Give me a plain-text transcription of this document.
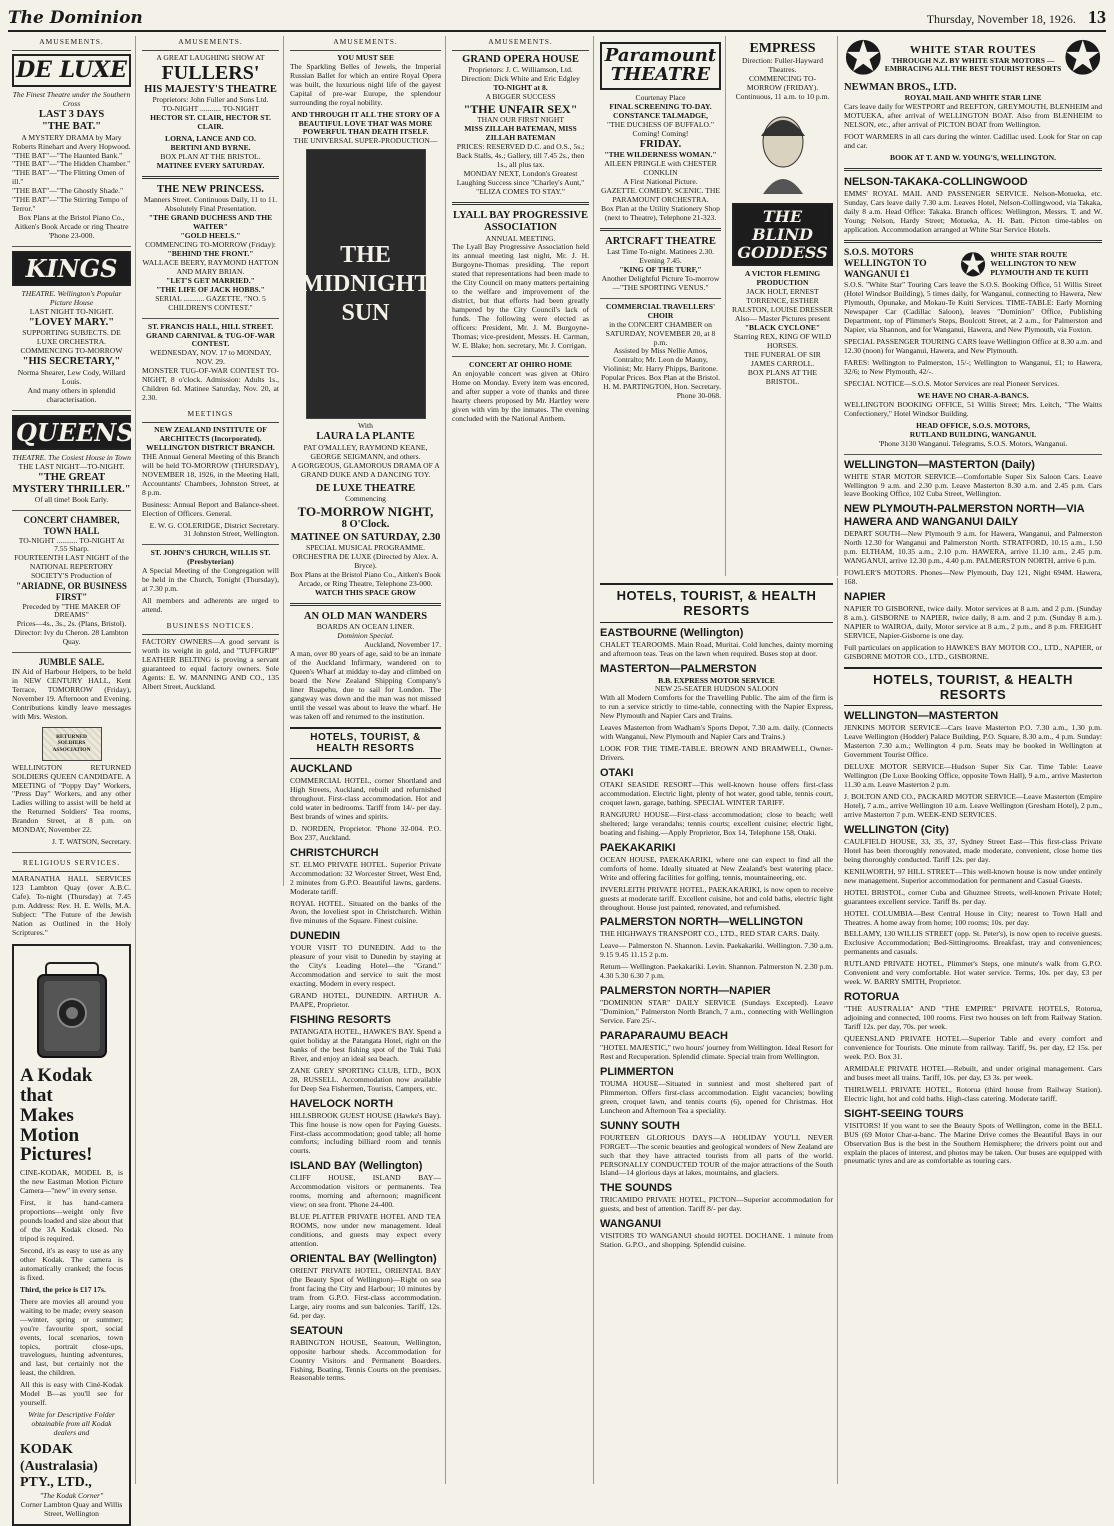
The Dominion	Thursday, November 18, 1926. 13
AMUSEMENTS.
DE LUXE
The Finest Theatre under the Southern Cross
LAST 3 DAYS
"THE BAT."
A MYSTERY DRAMA by Mary Roberts Rinehart and Avery Hopwood.
"THE BAT"—"The Haunted Bank."
"THE BAT"—"The Hidden Chamber."
"THE BAT"—"The Flitting Omen of ill."
"THE BAT"—"The Ghostly Shade."
"THE BAT"—"The Stirring Tempo of Terror."
Box Plans at the Bristol Piano Co., Aitken's Book Arcade or ring Theatre 'Phone 23-000.
KINGS
THEATRE. Wellington's Popular Picture House
LAST NIGHT TO-NIGHT.
"LOVEY MARY."
SUPPORTING SUBJECTS. DE LUXE ORCHESTRA.
COMMENCING TO-MORROW
"HIS SECRETARY,"
Norma Shearer, Lew Cody, Willard Louis.
And many others in splendid characterisation.
QUEENS
THEATRE. The Cosiest House in Town
THE LAST NIGHT—TO-NIGHT.
"THE GREAT MYSTERY THRILLER."
Of all time! Book Early.
CONCERT CHAMBER, TOWN HALL
TO-NIGHT ........... TO-NIGHT At 7.55 Sharp.
FOURTEENTH LAST NIGHT of the NATIONAL REPERTORY SOCIETY'S Production of
"ARIADNE, OR BUSINESS FIRST"
Preceded by "THE MAKER OF DREAMS"
Prices—4s., 3s., 2s. (Plans, Bristol). Director: Ivy du Cheron. 28 Lambton Quay.
JUMBLE SALE.

IN Aid of Harbour Helpers, to be held in NEW CENTURY HALL, Kent Terrace, TOMORROW (Friday), November 19. Afternoon and Evening. Contributions kindly leave messages with Mrs. Weston.

RETURNED SOLDIERS ASSOCIATION

WELLINGTON RETURNED SOLDIERS QUEEN CANDIDATE. A MEETING of "Poppy Day" Workers, "Press Day" Workers, and any other Ladies willing to assist will be held at the Returned Soldiers' Tea rooms, Brandon Street, at 8 p.m. on MONDAY, November 22.

J. T. WATSON, Secretary.
RELIGIOUS SERVICES.

MARANATHA HALL SERVICES 123 Lambton Quay (over A.B.C. Cafe). To-night (Thursday) at 7.45 p.m. Address: Rev. H. E. Wells, M.A. Subject: "The Future of the Jewish Nation as Outlined in the Holy Scriptures."

A Kodak that
Makes Motion Pictures!

CINE-KODAK, MODEL B, is the new Eastman Motion Picture Camera—"new" in every sense.

First, it has hand-camera proportions—weight only five pounds loaded and size about that of the 3A Kodak closed. No tripod is required.

Second, it's as easy to use as any other Kodak. The camera is automatically cranked; the focus is fixed.

Third, the price is £17 17s.

There are movies all around you waiting to be made; every season—winter, spring or summer; you're favourite sport, social events, local scenarios, town topics, portrait close-ups, travelogues, hunting adventures, and last, but certainly not the least, the children.

All this is easy with Ciné-Kodak Model B—as you'll see for yourself.

Write for Descriptive Folder obtainable from all Kodak dealers and
KODAK (Australasia) PTY., LTD.,
"The Kodak Corner"
Corner Lambton Quay and Willis Street, Wellington
AMUSEMENTS.
A GREAT LAUGHING SHOW AT
FULLERS'
HIS MAJESTY'S THEATRE
Proprietors: John Fuller and Sons Ltd.
TO-NIGHT ........... TO-NIGHT
HECTOR ST. CLAIR, HECTOR ST. CLAIR.
LORNA, LANCE AND CO.
BERTINI AND BYRNE.
BOX PLAN AT THE BRISTOL.
MATINEE EVERY SATURDAY.
THE NEW PRINCESS.
Manners Street. Continuous Daily, 11 to 11. Absolutely Final Presentation.
"THE GRAND DUCHESS AND THE WAITER"
"GOLD HEELS."
COMMENCING TO-MORROW (Friday):
"BEHIND THE FRONT."
WALLACE BEERY, RAYMOND HATTON AND MARY BRIAN.
"LET'S GET MARRIED."
"THE LIFE OF JACK HOBBS."
SERIAL ........... GAZETTE. "NO. 5 CHILDREN'S CONTEST."
ST. FRANCIS HALL, HILL STREET.
GRAND CARNIVAL & TUG-OF-WAR CONTEST.
WEDNESDAY, NOV. 17 to MONDAY, NOV. 29.

MONSTER TUG-OF-WAR CONTEST TO-NIGHT, 8 o'clock. Admission: Adults 1s., Children 6d. Matinee Saturday, Nov. 20, at 2.30.

MEETINGS
NEW ZEALAND INSTITUTE OF ARCHITECTS (Incorporated).
WELLINGTON DISTRICT BRANCH.

THE Annual General Meeting of this Branch will be held TO-MORROW (THURSDAY), NOVEMBER 18, 1926, in the Meeting Hall, Accountants' Chambers, Johnston Street, at 8 p.m.

Business: Annual Report and Balance-sheet. Election of Officers. General.

E. W. G. COLERIDGE, District Secretary. 31 Johnston Street, Wellington.
ST. JOHN'S CHURCH, WILLIS ST. (Presbyterian)

A Special Meeting of the Congregation will be held in the Church, Tonight (Thursday), at 7.30 p.m.

All members and adherents are urged to attend.

BUSINESS NOTICES.

FACTORY OWNERS—A good servant is worth its weight in gold, and "TUFFGRIP" LEATHER BELTING is proving a servant guaranteed to equal factory owners. Sole Agents: E. W. MANNING AND CO., 135 Albert Street, Auckland.

AMUSEMENTS.
YOU MUST SEE

The Sparkling Belles of Jewels, the Imperial Russian Ballet for which an entire Royal Opera was built, the luxurious night life of the gayest Capital of pre-war Europe, the splendour surrounding the royal nobility.

AND THROUGH IT ALL THE STORY OF A BEAUTIFUL LOVE THAT WAS MORE POWERFUL THAN DEATH ITSELF.
THE UNIVERSAL SUPER-PRODUCTION—
THE MIDNIGHT SUN
With
LAURA LA PLANTE
PAT O'MALLEY, RAYMOND KEANE, GEORGE SEIGMANN, and others.
A GORGEOUS, GLAMOROUS DRAMA OF A GRAND DUKE AND A DANCING TOY.
DE LUXE THEATRE
Commencing
TO-MORROW NIGHT,
8 O'Clock.
MATINEE ON SATURDAY, 2.30
SPECIAL MUSICAL PROGRAMME. ORCHESTRA DE LUXE (Directed by Alex. A. Bryce).
Box Plans at the Bristol Piano Co., Aitken's Book Arcade, or Ring Theatre, Telephone 23-000.
WATCH THIS SPACE GROW
AN OLD MAN WANDERS
BOARDS AN OCEAN LINER.
Dominion Special.
Auckland, November 17.

A man, over 80 years of age, said to be an inmate of the Auckland Infirmary, wandered on to Queen's Wharf at midday to-day and climbed on board the New Zealand Shipping Company's liner Ruapehu, due to sail for London. The gangway was down and the man was not missed until the vessel was about to leave the wharf. He was taken off and returned to the institution.

HOTELS, TOURIST, & HEALTH RESORTS
AUCKLAND

COMMERCIAL HOTEL, corner Shortland and High Streets, Auckland, rebuilt and refurnished throughout. First-class accommodation. Hot and cold water in bedrooms. Tariff from 14/- per day. Best brands of wines and spirits.

D. NORDEN, Proprietor. 'Phone 32-004. P.O. Box 237, Auckland.

CHRISTCHURCH

ST. ELMO PRIVATE HOTEL. Superior Private Accommodation: 32 Worcester Street, West End, 2 minutes from G.P.O. Beautiful lawns, gardens. Moderate tariff.

ROYAL HOTEL. Situated on the banks of the Avon, the loveliest spot in Christchurch. Within five minutes of the Square. Finest cuisine.

DUNEDIN

YOUR VISIT TO DUNEDIN. Add to the pleasure of your visit to Dunedin by staying at the City's Leading Hotel—the "Grand." Accommodation and service to suit the most exacting. Modern in every respect.

GRAND HOTEL, DUNEDIN. ARTHUR A. PAAPE, Proprietor.

FISHING RESORTS

PATANGATA HOTEL, HAWKE'S BAY. Spend a quiet holiday at the Patangata Hotel, right on the banks of the best fishing spot of the Tuki Tuki River, and enjoy an ideal sea beach.

ZANE GREY SPORTING CLUB, LTD., BOX 28, RUSSELL. Accommodation now available for Deep Sea Fishermen, Tourists, Campers, etc.

HAVELOCK NORTH

HILLSBROOK GUEST HOUSE (Hawke's Bay). This fine house is now open for Paying Guests. First-class accommodation; good table; all home comforts; including billiard room and tennis courts.

ISLAND BAY (Wellington)

CLIFF HOUSE, ISLAND BAY—Accommodation visitors or permanents. Tea rooms, morning and afternoon; magnificent view; on sea front. 'Phone 24-400.

BLUE PLATTER PRIVATE HOTEL AND TEA ROOMS, now under new management. Ideal conditions, and guests may expect every attention.

ORIENTAL BAY (Wellington)

ORIENT PRIVATE HOTEL, ORIENTAL BAY (the Beauty Spot of Wellington)—Right on sea front facing the City and Harbour; 10 minutes by tram from G.P.O. First-class accommodation. Large, airy rooms and sun balconies. Tariff, 12s. 6d. per day.

SEATOUN

RABINGTON HOUSE, Seatoun, Wellington, opposite harbour sheds. Accommodation for Country Visitors and Permanent Boarders. Fishing, Boating, Tennis Courts on the premises. Reasonable terms.

AMUSEMENTS.
GRAND OPERA HOUSE
Proprietors: J. C. Williamson, Ltd.
Direction: Dick White and Eric Edgley
TO-NIGHT at 8.
A BIGGER SUCCESS
"THE UNFAIR SEX"
THAN OUR FIRST NIGHT
MISS ZILLAH BATEMAN, MISS ZILLAH BATEMAN
PRICES: RESERVED D.C. and O.S., 5s.; Back Stalls, 4s.; Gallery, till 7.45 2s., then 1s., all plus tax.
MONDAY NEXT, London's Greatest Laughing Success since "Charley's Aunt," "ELIZA COMES TO STAY."
LYALL BAY PROGRESSIVE ASSOCIATION
ANNUAL MEETING.

The Lyall Bay Progressive Association held its annual meeting last night, Mr. J. H. Burgoyne-Thomas presiding. The report stated that representations had been made to the City Council on many matters pertaining to the welfare and improvement of the district, but that efforts had been greatly hampered by the City Council's lack of funds. The following were elected as officers: President, Mr. J. M. Burgoyne-Thomas; vice-president, Messrs. H. Carman, W. E. Blake; hon. secretary, Mr. J. Corrigan.

CONCERT AT OHIRO HOME

An enjoyable concert was given at Ohiro Home on Monday. Every item was encored, and after supper a vote of thanks and three hearty cheers proposed by Mr. Hartley were given with vim by the inmates. The evening concluded with the National Anthem.

Paramount THEATRE
Courtenay Place
FINAL SCREENING TO-DAY.
CONSTANCE TALMADGE,
"THE DUCHESS OF BUFFALO."
Coming! Coming!
FRIDAY.
"THE WILDERNESS WOMAN."
AILEEN PRINGLE with CHESTER CONKLIN
A First National Picture.
GAZETTE. COMEDY. SCENIC. THE PARAMOUNT ORCHESTRA.
Box Plan at the Utility Stationery Shop (next to Theatre), Telephone 21-323.
ARTCRAFT THEATRE
Last Time To-night. Matinees 2.30. Evening 7.45.
"KING OF THE TURF,"
Another Delightful Picture To-morrow—"THE SPORTING VENUS."
COMMERCIAL TRAVELLERS' CHOIR
in the CONCERT CHAMBER on SATURDAY, NOVEMBER 20, at 8 p.m.
Assisted by Miss Nellie Amos, Contralto; Mr. Leon de Mauny, Violinist; Mr. Harry Phipps, Baritone.
Popular Prices. Box Plan at the Bristol.
H. M. PARTINGTON, Hon. Secretary. Phone 30-068.
EMPRESS
Direction: Fuller-Hayward Theatres.
COMMENCING TO-MORROW (FRIDAY).
Continuous, 11 a.m. to 10 p.m.
THE BLIND GODDESS
A VICTOR FLEMING PRODUCTION
JACK HOLT, ERNEST TORRENCE, ESTHER RALSTON, LOUISE DRESSER
Also— Master Pictures present
"BLACK CYCLONE"
Starring REX, KING OF WILD HORSES.
THE FUNERAL OF SIR JAMES CARROLL.
BOX PLANS AT THE BRISTOL.
HOTELS, TOURIST, & HEALTH RESORTS
EASTBOURNE (Wellington)

CHALET TEAROOMS. Main Road, Muritai. Cold lunches, dainty morning and afternoon teas. Teas on the lawn when required. Buses stop at door.

MASTERTON—PALMERSTON
B.B. EXPRESS MOTOR SERVICE
NEW 25-SEATER HUDSON SALOON

With all Modern Comforts for the Travelling Public. The aim of the firm is to run a service strictly to time-table, connecting with the Napier Express, New Plymouth and Napier Cars and Trains.

Leaves Masterton from Wadham's Sports Depot, 7.30 a.m. daily. (Connects with Wanganui, New Plymouth and Napier Cars and Trains.)

LOOK FOR THE TIME-TABLE. BROWN AND BRAMWELL, Owner-Drivers.

OTAKI

OTAKI SEASIDE RESORT—This well-known house offers first-class accommodation. Electric light, plenty of hot water, good table, tennis court, croquet lawn, garage, bathing. SPECIAL WINTER TARIFF.

RANGIURU HOUSE—First-class accommodation; close to beach; well sheltered; large verandahs; tennis courts; excellent cuisine; electric light, boating and fishing.—Apply Proprietor, Box 14, Telephone 158, Otaki.

PAEKAKARIKI

OCEAN HOUSE, PAEKAKARIKI, where one can expect to find all the comforts of home. Ideally situated at New Zealand's best watering place. Write and offering facilities for golfing, tennis, mountaineering, etc.

INVERLEITH PRIVATE HOTEL, PAEKAKARIKI, is now open to receive guests at moderate tariff. Excellent cuisine, hot and cold baths, electric light throughout. House just painted, renovated, and refurnished.

PALMERSTON NORTH—WELLINGTON

THE HIGHWAYS TRANSPORT CO., LTD., RED STAR CARS. Daily.

Leave— Palmerston N. Shannon. Levin. Paekakariki. Wellington. 7.30 a.m. 9.15 9.45 11.15 2 p.m.

Return— Wellington. Paekakariki. Levin. Shannon. Palmerston N. 2.30 p.m. 4.30 5.30 6.30 7 p.m.

PALMERSTON NORTH—NAPIER

"DOMINION STAR" DAILY SERVICE (Sundays Excepted). Leave "Dominion," Palmerston North Branch, 7 a.m., connecting with Wellington Service. Fare 25/-.

PARAPARAUMU BEACH

"HOTEL MAJESTIC," two hours' journey from Wellington. Ideal Resort for Rest and Recuperation. Splendid climate. Special train from Wellington.

PLIMMERTON

TOUMA HOUSE—Situated in sunniest and most sheltered part of Plimmerton. Offers first-class accommodation. Eight vacancies; bowling green, croquet lawn, and tennis courts (6), opened for Christmas. Hot Luncheon and Afternoon Tea a speciality.

SUNNY SOUTH

FOURTEEN GLORIOUS DAYS—A HOLIDAY YOU'LL NEVER FORGET—The scenic beauties and geological wonders of New Zealand are such that they have attracted tourists from all parts of the world. PERSONALLY CONDUCTED TOUR of the major attractions of the South Island—14 glorious days at lakes, mountains, and glaciers.

THE SOUNDS

TRICAMIDO PRIVATE HOTEL, PICTON—Superior accommodation for guests, and best of attention. Tariff 8/- per day.

WANGANUI

VISITORS TO WANGANUI should HOTEL DOCHANE. 1 minute from Station. G.P.O., and shopping. Splendid cuisine.

✪	WHITE STAR ROUTES
THROUGH N.Z. BY WHITE STAR MOTORS — EMBRACING ALL THE BEST TOURIST RESORTS ✪
NEWMAN BROS., LTD.
ROYAL MAIL AND WHITE STAR LINE

Cars leave daily for WESTPORT and REEFTON, GREYMOUTH, BLENHEIM and MOTUEKA, after arrival of WELLINGTON BOAT. Also from BLENHEIM to NELSON, etc., after arrival of PICTON BOAT from Wellington.

FOOT WARMERS in all cars during the winter. Cadillac used. Look for Star on cap and car.

BOOK AT T. AND W. YOUNG'S, WELLINGTON.
NELSON-TAKAKA-COLLINGWOOD

EMMS' ROYAL MAIL AND PASSENGER SERVICE. Nelson-Motueka, etc. Sunday, Cars leave daily 7.30 a.m. Leaves Hotel, Nelson-Collingwood, via Takaka, daily 8 a.m. Head Office: Takaka. Branch offices: Wellington, Messrs. T. and W. Young; Nelson, Hardy Street; Motueka, A. H. Batt. Picton time-tables on application. Accommodation arranged at White Star Service Hotels.

S.O.S. MOTORS WELLINGTON TO WANGANUI £1	✪ WHITE STAR ROUTE WELLINGTON TO NEW PLYMOUTH AND TE KUITI

S.O.S. "White Star" Touring Cars leave the S.O.S. Booking Office, 51 Willis Street (Hotel Windsor Building), 5 times daily, for Wanganui, connecting to Hawera, New Plymouth, Opunake, and Mokau-Te Kuiti Services. TIME-TABLE: Early Morning Newspaper Car (Cadillac Saloon), leaves "Dominion" Office, Publishing Department, top of Plimmer's Steps, Boulcott Street, at 2 a.m., for Palmerston and Napier, via Shannon, and for Wanganui, Hawera, and New Plymouth, via Foxton.

SPECIAL PASSENGER TOURING CARS leave Wellington Office at 8.30 a.m. and 12.30 (noon) for Wanganui, Hawera, and New Plymouth.

FARES: Wellington to Palmerston, 15/-; Wellington to Wanganui, £1; to Hawera, 32/6; to New Plymouth, 42/-.

SPECIAL NOTICE—S.O.S. Motor Services are real Pioneer Services.

WE HAVE NO CHAR-A-BANCS.

WELLINGTON BOOKING OFFICE, 51 Willis Street; Mrs. Leitch, "The Waitts Confectionery," Hotel Windsor Building.

HEAD OFFICE, S.O.S. MOTORS,
RUTLAND BUILDING, WANGANUI.
'Phone 3130 Wanganui. Telegrams, S.O.S. Motors, Wanganui.
WELLINGTON—MASTERTON (Daily)

WHITE STAR MOTOR SERVICE—Comfortable Super Six Saloon Cars. Leave Wellington 9 a.m. and 2.30 p.m. Leave Masterton 8.30 a.m. and 2.45 p.m. Cars leave Booking Office, 102 Cuba Street, Wellington.

NEW PLYMOUTH-PALMERSTON NORTH—VIA HAWERA AND WANGANUI DAILY

DEPART SOUTH—New Plymouth 9 a.m. for Hawera, Wanganui, and Palmerston North 12.30 for Wanganui and Palmerston North. STRATFORD, 10.15 a.m., 1.50 p.m. ELTHAM, 10.35 a.m., 2.10 p.m. HAWERA, arrive 11.10 a.m., 2.45 p.m. WANGANUI, arrive 12.30 p.m., 4.40 p.m. PALMERSTON NORTH, arrive 6 p.m.

FOWLER'S MOTORS. Phones—New Plymouth, Day 121, Night 694M. Hawera, 168.

NAPIER

NAPIER TO GISBORNE, twice daily. Motor services at 8 a.m. and 2 p.m. (Sunday 8 a.m.). GISBORNE to NAPIER, twice daily, 8 a.m. and 2 p.m. (Sunday 8 a.m.). NAPIER to WAIROA, daily, Motor service at 8 a.m., 2 p.m., and 8 p.m. FREIGHT SERVICE, Napier-Gisborne is one day.

Full particulars on application to HAWKE'S BAY MOTOR CO., LTD., NAPIER, or GISBORNE MOTOR CO., LTD., GISBORNE.

HOTELS, TOURIST, & HEALTH RESORTS
WELLINGTON—MASTERTON

JENKINS MOTOR SERVICE—Cars leave Masterton P.O. 7.30 a.m., 1.30 p.m. Leave Wellington (Hodder) Palace Building, P.O. Square, 8.30 a.m., 4 p.m. Sunday: Masterton 7.30 a.m.; Wellington 4 p.m. Seats may be booked in Wellington at Government Tourist Office.

DELUXE MOTOR SERVICE—Hudson Super Six Car. Time Table: Leave Wellington (De Luxe Booking Office, opposite Town Hall), 9 a.m., arrive Masterton 11.30 a.m. Leave Masterton 2 p.m.

J. BOLTON AND CO., PACKARD MOTOR SERVICE—Leave Masterton (Empire Hotel), 7 a.m., arrive Wellington 10 a.m. Leave Wellington (Gresham Hotel), 2 p.m., arrive Masterton 7 p.m. WEEK-END SERVICES.

WELLINGTON (City)

CAULFIELD HOUSE, 33, 35, 37, Sydney Street East—This first-class Private Hotel has been thoroughly renovated, made moderate, convenient, close home ties being thoroughly conducted. Tariff 12s. per day.

KENILWORTH, 97 HILL STREET—This well-known house is now under entirely new management. Superior accommodation for permanent and Casual Guests.

HOTEL BRISTOL, corner Cuba and Ghuznee Streets, well-known Private Hotel; guarantees excellent service. Tariff 8s. per day.

HOTEL COLUMBIA—Best Central House in City; nearest to Town Hall and Theatres. A home away from home; 100 rooms; 10s. per day.

BELLAMY, 130 WILLIS STREET (opp. St. Peter's), is now open to receive guests. Exclusive Accommodation; Bed-Sittingrooms. Breakfast, tray and conveniences; permanents and casuals.

RUTLAND PRIVATE HOTEL, Plimmer's Steps, one minute's walk from G.P.O. Convenient and very comfortable. Hot water service. Terms, 10s. per day, £3 per week. W. BARRY SMITH, Proprietor.

ROTORUA

"THE AUSTRALIA" AND "THE EMPIRE" PRIVATE HOTELS, Rotorua, adjoining and connected, 100 rooms. First two houses on left from Railway Station. Tariff 12s. per day, 70s. per week.

QUEENSLAND PRIVATE HOTEL—Superior Table and every comfort and convenience for Tourists. One minute from railway. Tariff, 9s. per day, £2 15s. per week. P.O. Box 31.

ARMIDALE PRIVATE HOTEL—Rebuilt, and under original management. Cars and buses meet all trains. Tariff, 10s. per day, £3 3s. per week.

THIRLWELL PRIVATE HOTEL, Rotorua (third house from Railway Station). Electric light, hot and cold baths. High-class catering. Moderate tariff.

SIGHT-SEEING TOURS

VISITORS! If you want to see the Beauty Spots of Wellington, come in the BELL BUS (69 Motor Char-a-banc. The Marine Drive comes the Beautiful Bays in our Observation Bus is the best in the Southern Hemisphere; the drivers point out and explain the places of interest, and photos may be taken. Our buses are equipped with pneumatic tyres and are as comfortable as touring cars.
